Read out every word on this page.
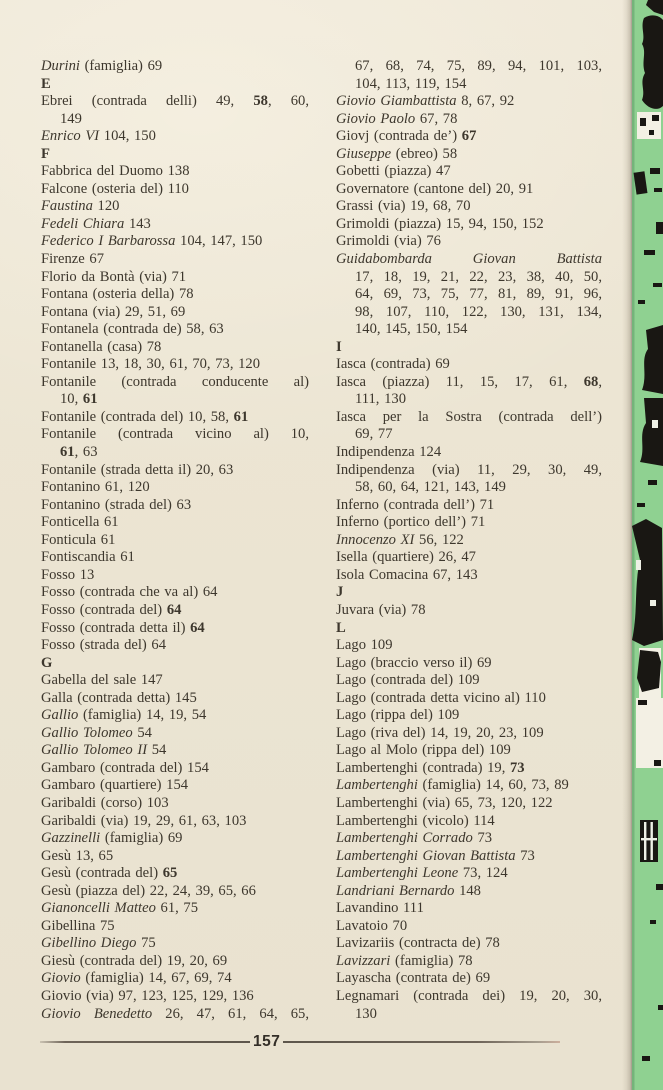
Durini (famiglia) 69
E
Ebrei (contrada delli) 49, 58, 60,
149
Enrico VI 104, 150
F
Fabbrica del Duomo 138
Falcone (osteria del) 110
Faustina 120
Fedeli Chiara 143
Federico I Barbarossa 104, 147, 150
Firenze 67
Florio da Bontà (via) 71
Fontana (osteria della) 78
Fontana (via) 29, 51, 69
Fontanela (contrada de) 58, 63
Fontanella (casa) 78
Fontanile 13, 18, 30, 61, 70, 73, 120
Fontanile (contrada conducente al)
10, 61
Fontanile (contrada del) 10, 58, 61
Fontanile (contrada vicino al) 10,
61, 63
Fontanile (strada detta il) 20, 63
Fontanino 61, 120
Fontanino (strada del) 63
Fonticella 61
Fonticula 61
Fontiscandia 61
Fosso 13
Fosso (contrada che va al) 64
Fosso (contrada del) 64
Fosso (contrada detta il) 64
Fosso (strada del) 64
G
Gabella del sale 147
Galla (contrada detta) 145
Gallio (famiglia) 14, 19, 54
Gallio Tolomeo 54
Gallio Tolomeo II 54
Gambaro (contrada del) 154
Gambaro (quartiere) 154
Garibaldi (corso) 103
Garibaldi (via) 19, 29, 61, 63, 103
Gazzinelli (famiglia) 69
Gesù 13, 65
Gesù (contrada del) 65
Gesù (piazza del) 22, 24, 39, 65, 66
Gianoncelli Matteo 61, 75
Gibellina 75
Gibellino Diego 75
Giesù (contrada del) 19, 20, 69
Giovio (famiglia) 14, 67, 69, 74
Giovio (via) 97, 123, 125, 129, 136
Giovio Benedetto 26, 47, 61, 64, 65,
67, 68, 74, 75, 89, 94, 101, 103,
104, 113, 119, 154
Giovio Giambattista 8, 67, 92
Giovio Paolo 67, 78
Giovj (contrada de’) 67
Giuseppe (ebreo) 58
Gobetti (piazza) 47
Governatore (cantone del) 20, 91
Grassi (via) 19, 68, 70
Grimoldi (piazza) 15, 94, 150, 152
Grimoldi (via) 76
Guidabombarda Giovan Battista
17, 18, 19, 21, 22, 23, 38, 40, 50,
64, 69, 73, 75, 77, 81, 89, 91, 96,
98, 107, 110, 122, 130, 131, 134,
140, 145, 150, 154
I
Iasca (contrada) 69
Iasca (piazza) 11, 15, 17, 61, 68,
111, 130
Iasca per la Sostra (contrada dell’)
69, 77
Indipendenza 124
Indipendenza (via) 11, 29, 30, 49,
58, 60, 64, 121, 143, 149
Inferno (contrada dell’) 71
Inferno (portico dell’) 71
Innocenzo XI 56, 122
Isella (quartiere) 26, 47
Isola Comacina 67, 143
J
Juvara (via) 78
L
Lago 109
Lago (braccio verso il) 69
Lago (contrada del) 109
Lago (contrada detta vicino al) 110
Lago (rippa del) 109
Lago (riva del) 14, 19, 20, 23, 109
Lago al Molo (rippa del) 109
Lambertenghi (contrada) 19, 73
Lambertenghi (famiglia) 14, 60, 73, 89
Lambertenghi (via) 65, 73, 120, 122
Lambertenghi (vicolo) 114
Lambertenghi Corrado 73
Lambertenghi Giovan Battista 73
Lambertenghi Leone 73, 124
Landriani Bernardo 148
Lavandino 111
Lavatoio 70
Lavizariis (contracta de) 78
Lavizzari (famiglia) 78
Layascha (contrata de) 69
Legnamari (contrada dei) 19, 20, 30,
130
157
